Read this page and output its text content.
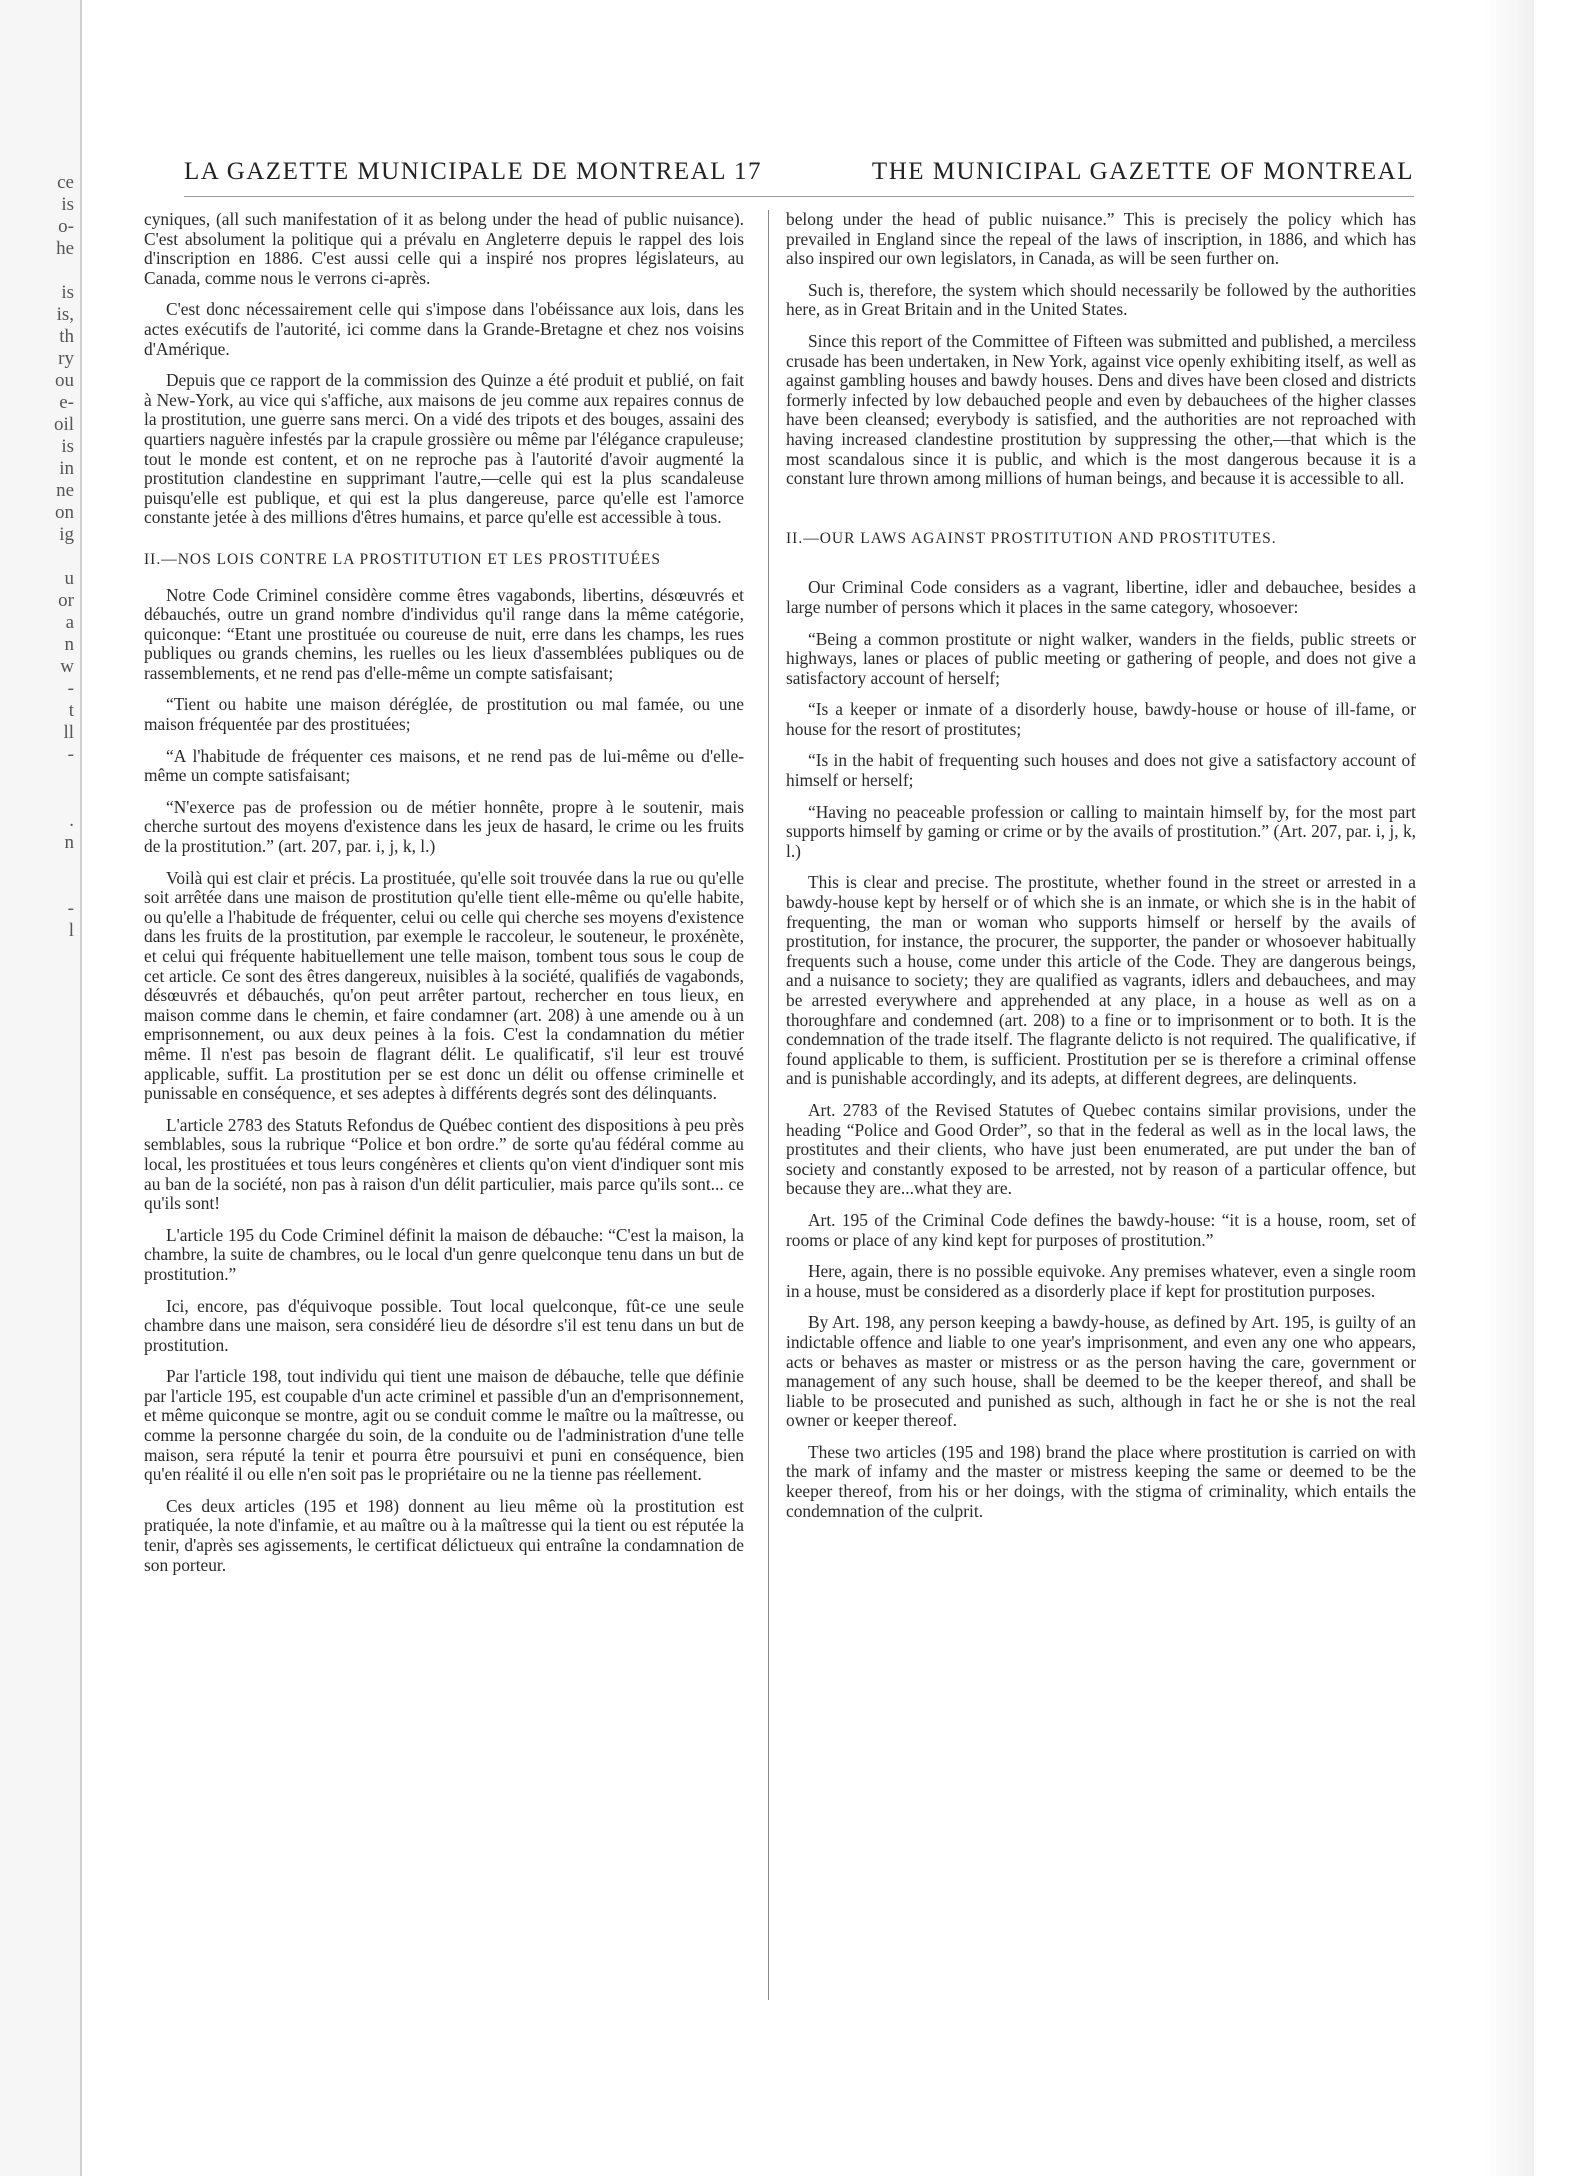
ce
is
o-
he
is
is,
th
ry
ou
e-
oil
is
in
ne
on
ig
u
or
a
n
w
-
t
ll
-
.
n
-
l
LA GAZETTE MUNICIPALE DE MONTREAL 17	THE MUNICIPAL GAZETTE OF MONTREAL

cyniques, (all such manifestation of it as belong under the head of public nuisance). C'est absolument la politique qui a prévalu en Angleterre depuis le rappel des lois d'inscription en 1886. C'est aussi celle qui a inspiré nos propres législateurs, au Canada, comme nous le verrons ci-après.

C'est donc nécessairement celle qui s'impose dans l'obéissance aux lois, dans les actes exécutifs de l'autorité, ici comme dans la Grande-Bretagne et chez nos voisins d'Amérique.

Depuis que ce rapport de la commission des Quinze a été produit et publié, on fait à New-York, au vice qui s'affiche, aux maisons de jeu comme aux repaires connus de la prostitution, une guerre sans merci. On a vidé des tripots et des bouges, assaini des quartiers naguère infestés par la crapule grossière ou même par l'élégance crapuleuse; tout le monde est content, et on ne reproche pas à l'autorité d'avoir augmenté la prostitution clandestine en supprimant l'autre,—celle qui est la plus scandaleuse puisqu'elle est publique, et qui est la plus dangereuse, parce qu'elle est l'amorce constante jetée à des millions d'êtres humains, et parce qu'elle est accessible à tous.

II.—NOS LOIS CONTRE LA PROSTITUTION ET LES PROSTITUÉES

Notre Code Criminel considère comme êtres vagabonds, libertins, désœuvrés et débauchés, outre un grand nombre d'individus qu'il range dans la même catégorie, quiconque: “Etant une prostituée ou coureuse de nuit, erre dans les champs, les rues publiques ou grands chemins, les ruelles ou les lieux d'assemblées publiques ou de rassemblements, et ne rend pas d'elle-même un compte satisfaisant;

“Tient ou habite une maison déréglée, de prostitution ou mal famée, ou une maison fréquentée par des prostituées;

“A l'habitude de fréquenter ces maisons, et ne rend pas de lui-même ou d'elle-même un compte satisfaisant;

“N'exerce pas de profession ou de métier honnête, propre à le soutenir, mais cherche surtout des moyens d'existence dans les jeux de hasard, le crime ou les fruits de la prostitution.” (art. 207, par. i, j, k, l.)

Voilà qui est clair et précis. La prostituée, qu'elle soit trouvée dans la rue ou qu'elle soit arrêtée dans une maison de prostitution qu'elle tient elle-même ou qu'elle habite, ou qu'elle a l'habitude de fréquenter, celui ou celle qui cherche ses moyens d'existence dans les fruits de la prostitution, par exemple le raccoleur, le souteneur, le proxénète, et celui qui fréquente habituellement une telle maison, tombent tous sous le coup de cet article. Ce sont des êtres dangereux, nuisibles à la société, qualifiés de vagabonds, désœuvrés et débauchés, qu'on peut arrêter partout, rechercher en tous lieux, en maison comme dans le chemin, et faire condamner (art. 208) à une amende ou à un emprisonnement, ou aux deux peines à la fois. C'est la condamnation du métier même. Il n'est pas besoin de flagrant délit. Le qualificatif, s'il leur est trouvé applicable, suffit. La prostitution per se est donc un délit ou offense criminelle et punissable en conséquence, et ses adeptes à différents degrés sont des délinquants.

L'article 2783 des Statuts Refondus de Québec contient des dispositions à peu près semblables, sous la rubrique “Police et bon ordre.” de sorte qu'au fédéral comme au local, les prostituées et tous leurs congénères et clients qu'on vient d'indiquer sont mis au ban de la société, non pas à raison d'un délit particulier, mais parce qu'ils sont... ce qu'ils sont!

L'article 195 du Code Criminel définit la maison de débauche: “C'est la maison, la chambre, la suite de chambres, ou le local d'un genre quelconque tenu dans un but de prostitution.”

Ici, encore, pas d'équivoque possible. Tout local quelconque, fût-ce une seule chambre dans une maison, sera considéré lieu de désordre s'il est tenu dans un but de prostitution.

Par l'article 198, tout individu qui tient une maison de débauche, telle que définie par l'article 195, est coupable d'un acte criminel et passible d'un an d'emprisonnement, et même quiconque se montre, agit ou se conduit comme le maître ou la maîtresse, ou comme la personne chargée du soin, de la conduite ou de l'administration d'une telle maison, sera réputé la tenir et pourra être poursuivi et puni en conséquence, bien qu'en réalité il ou elle n'en soit pas le propriétaire ou ne la tienne pas réellement.

Ces deux articles (195 et 198) donnent au lieu même où la prostitution est pratiquée, la note d'infamie, et au maître ou à la maîtresse qui la tient ou est réputée la tenir, d'après ses agissements, le certificat délictueux qui entraîne la condamnation de son porteur.

belong under the head of public nuisance.” This is precisely the policy which has prevailed in England since the repeal of the laws of inscription, in 1886, and which has also inspired our own legislators, in Canada, as will be seen further on.

Such is, therefore, the system which should necessarily be followed by the authorities here, as in Great Britain and in the United States.

Since this report of the Committee of Fifteen was submitted and published, a merciless crusade has been undertaken, in New York, against vice openly exhibiting itself, as well as against gambling houses and bawdy houses. Dens and dives have been closed and districts formerly infected by low debauched people and even by debauchees of the higher classes have been cleansed; everybody is satisfied, and the authorities are not reproached with having increased clandestine prostitution by suppressing the other,—that which is the most scandalous since it is public, and which is the most dangerous because it is a constant lure thrown among millions of human beings, and because it is accessible to all.

II.—OUR LAWS AGAINST PROSTITUTION AND PROSTITUTES.

Our Criminal Code considers as a vagrant, libertine, idler and debauchee, besides a large number of persons which it places in the same category, whosoever:

“Being a common prostitute or night walker, wanders in the fields, public streets or highways, lanes or places of public meeting or gathering of people, and does not give a satisfactory account of herself;

“Is a keeper or inmate of a disorderly house, bawdy-house or house of ill-fame, or house for the resort of prostitutes;

“Is in the habit of frequenting such houses and does not give a satisfactory account of himself or herself;

“Having no peaceable profession or calling to maintain himself by, for the most part supports himself by gaming or crime or by the avails of prostitution.” (Art. 207, par. i, j, k, l.)

This is clear and precise. The prostitute, whether found in the street or arrested in a bawdy-house kept by herself or of which she is an inmate, or which she is in the habit of frequenting, the man or woman who supports himself or herself by the avails of prostitution, for instance, the procurer, the supporter, the pander or whosoever habitually frequents such a house, come under this article of the Code. They are dangerous beings, and a nuisance to society; they are qualified as vagrants, idlers and debauchees, and may be arrested everywhere and apprehended at any place, in a house as well as on a thoroughfare and condemned (art. 208) to a fine or to imprisonment or to both. It is the condemnation of the trade itself. The flagrante delicto is not required. The qualificative, if found applicable to them, is sufficient. Prostitution per se is therefore a criminal offense and is punishable accordingly, and its adepts, at different degrees, are delinquents.

Art. 2783 of the Revised Statutes of Quebec contains similar provisions, under the heading “Police and Good Order”, so that in the federal as well as in the local laws, the prostitutes and their clients, who have just been enumerated, are put under the ban of society and constantly exposed to be arrested, not by reason of a particular offence, but because they are...what they are.

Art. 195 of the Criminal Code defines the bawdy-house: “it is a house, room, set of rooms or place of any kind kept for purposes of prostitution.”

Here, again, there is no possible equivoke. Any premises whatever, even a single room in a house, must be considered as a disorderly place if kept for prostitution purposes.

By Art. 198, any person keeping a bawdy-house, as defined by Art. 195, is guilty of an indictable offence and liable to one year's imprisonment, and even any one who appears, acts or behaves as master or mistress or as the person having the care, government or management of any such house, shall be deemed to be the keeper thereof, and shall be liable to be prosecuted and punished as such, although in fact he or she is not the real owner or keeper thereof.

These two articles (195 and 198) brand the place where prostitution is carried on with the mark of infamy and the master or mistress keeping the same or deemed to be the keeper thereof, from his or her doings, with the stigma of criminality, which entails the condemnation of the culprit.
